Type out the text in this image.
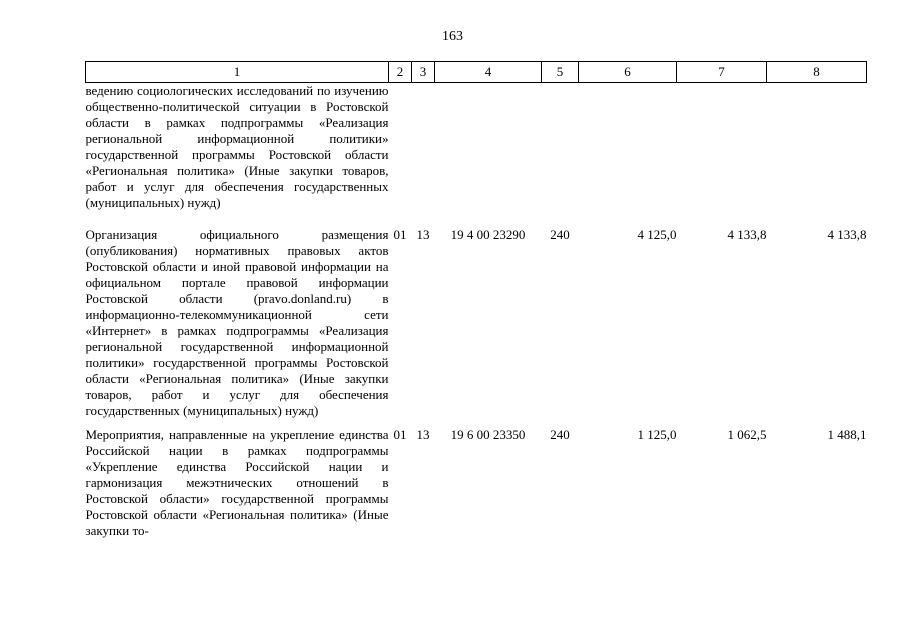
163
1	2	3	4	5	6	7	8
ведению социологических исследований по изучению общественно-политической ситуации в Ростовской области в рамках подпрограммы «Реализация региональной информационной политики» государственной программы Ростовской области «Региональная политика» (Иные закупки товаров, работ и услуг для обеспечения государственных (муниципальных) нужд)							
Организация официального размещения (опубликования) нормативных правовых актов Ростовской области и иной правовой информации на официальном портале правовой информации Ростовской области (pravo.donland.ru) в информационно-телекоммуникационной сети «Интернет» в рамках подпрограммы «Реализация региональной государственной информационной политики» государственной программы Ростовской области «Региональная политика» (Иные закупки товаров, работ и услуг для обеспечения государственных (муниципальных) нужд)	01	13	19 4 00 23290	240	4 125,0	4 133,8	4 133,8
Мероприятия, направленные на укрепление единства Российской нации в рамках подпрограммы «Укрепление единства Российской нации и гармонизация межэтнических отношений в Ростовской области» государственной программы Ростовской области «Региональная политика» (Иные закупки то-	01	13	19 6 00 23350	240	1 125,0	1 062,5	1 488,1
